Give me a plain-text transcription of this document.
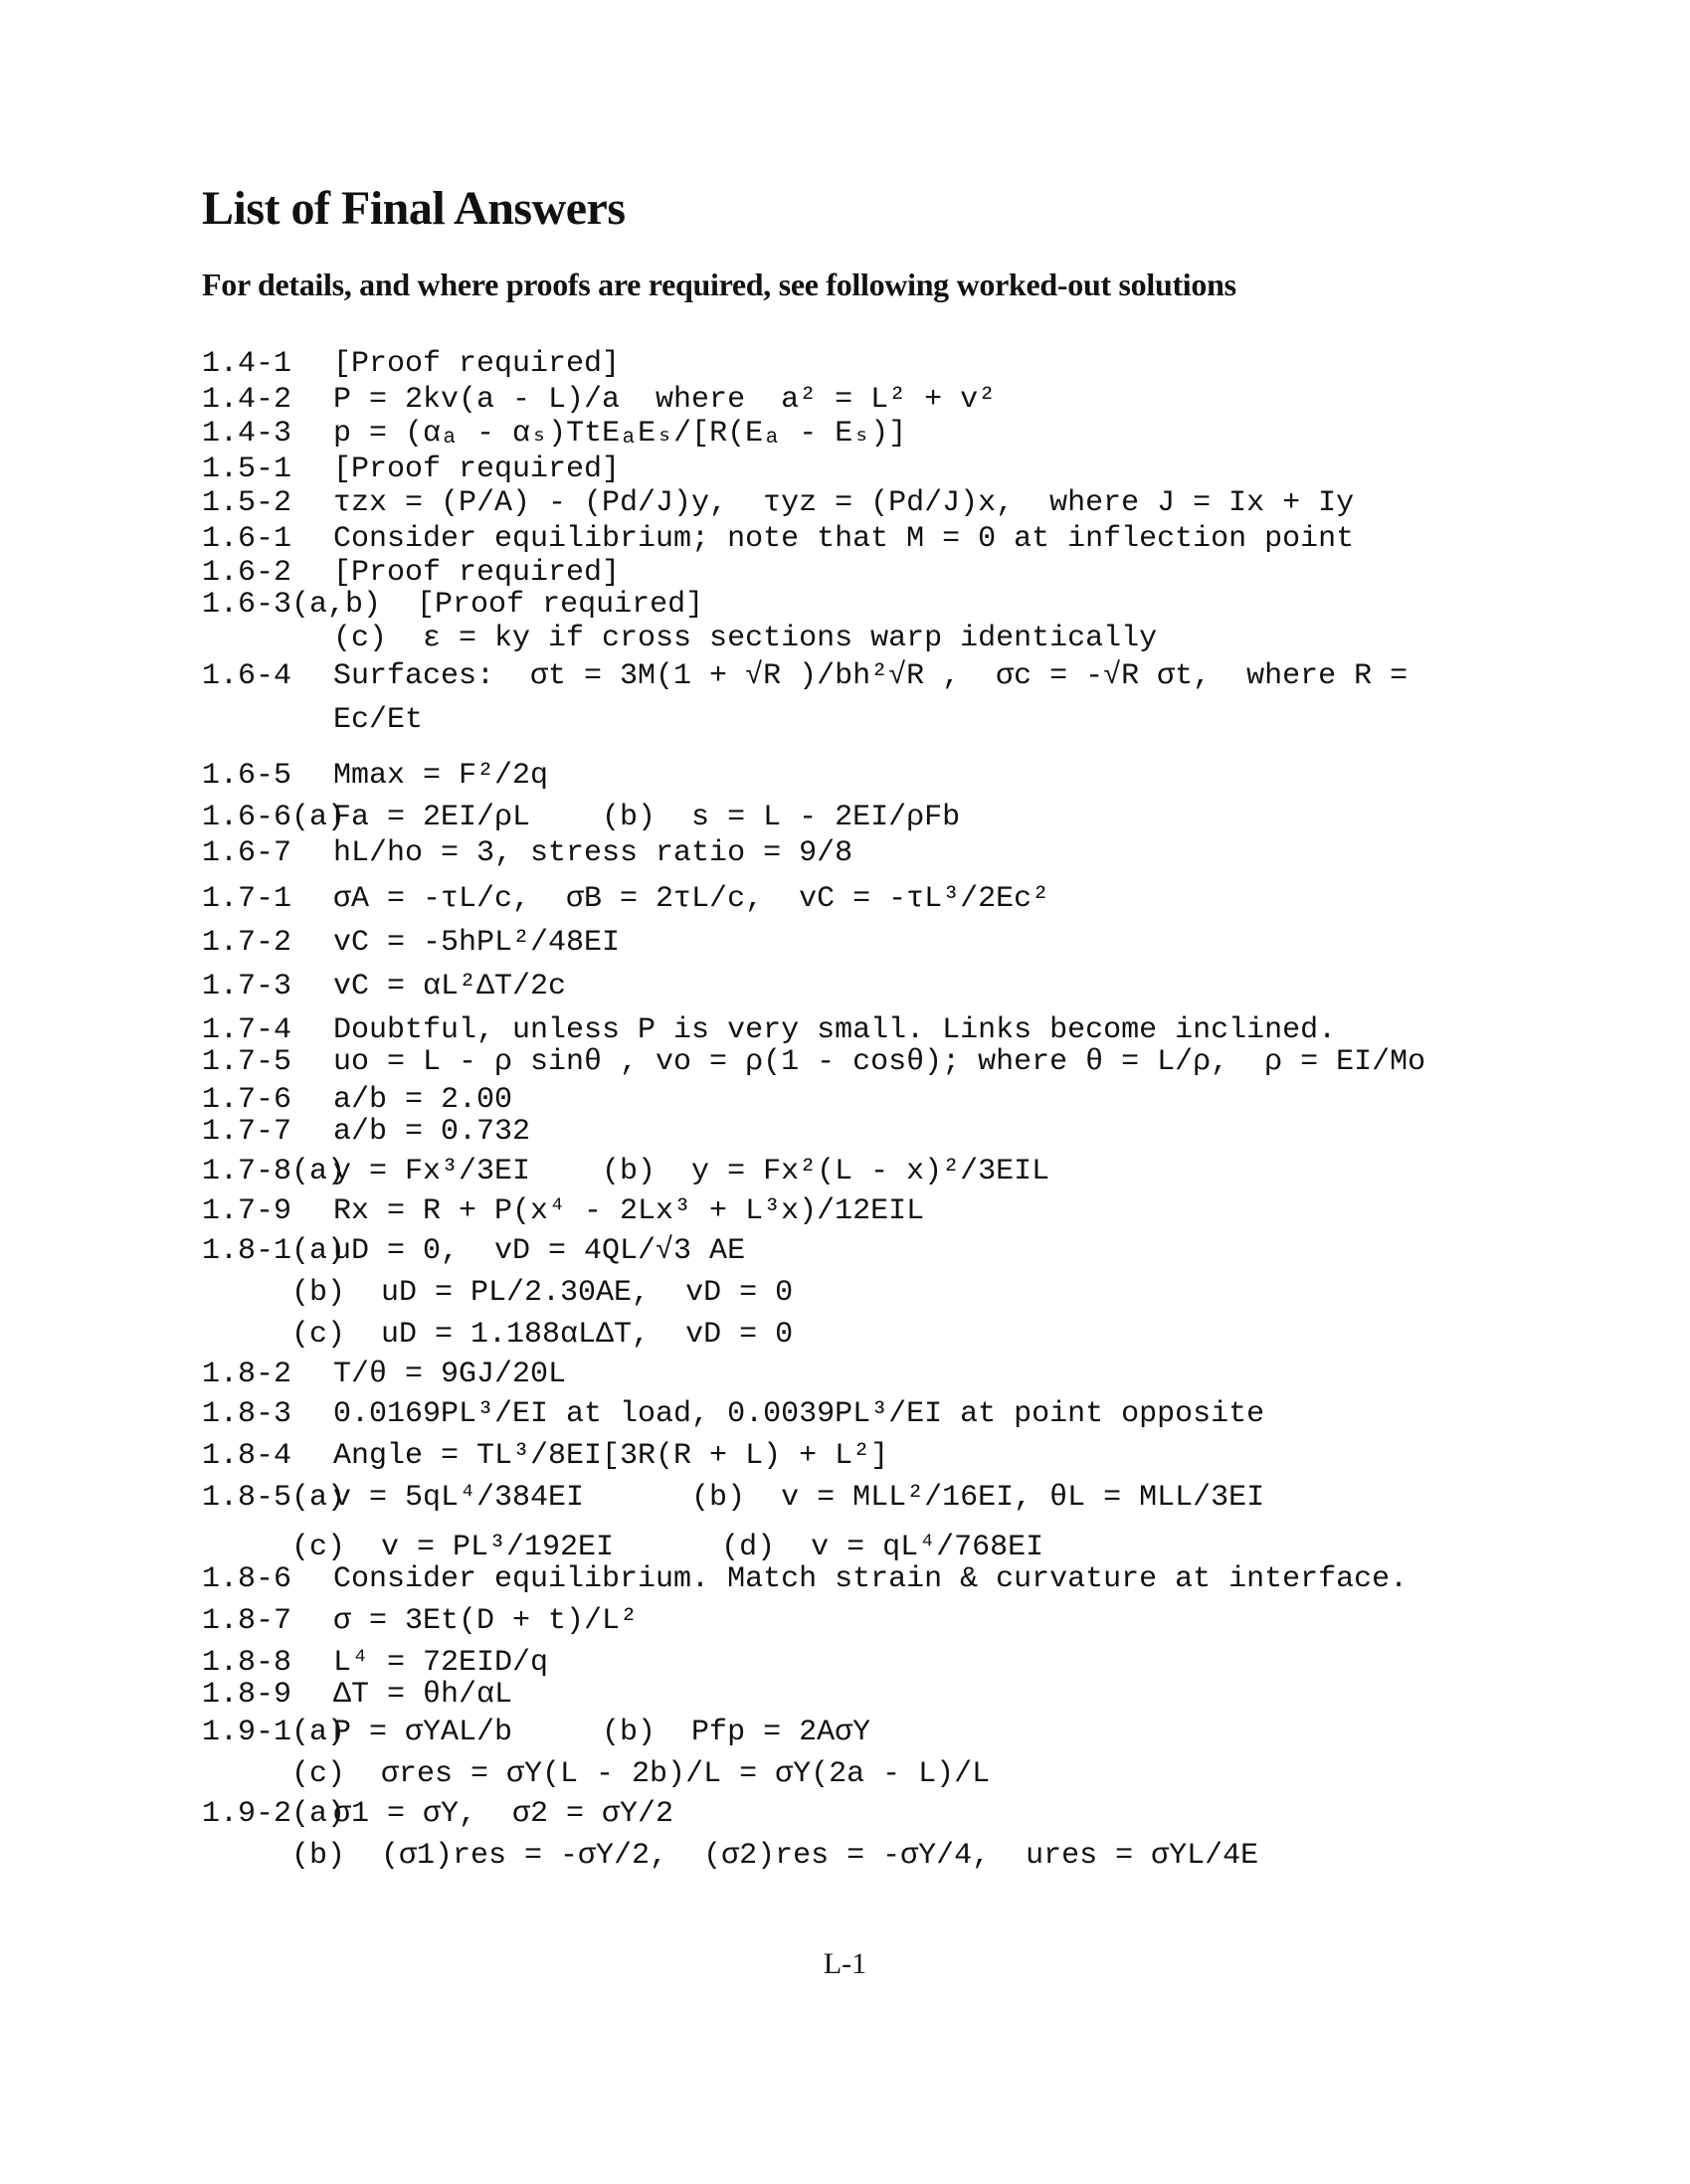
List of Final Answers
For details, and where proofs are required, see following worked-out solutions

1.4-1 [Proof required]

1.4-2 P = 2kv(a - L)/a  where  a² = L² + v²

1.4-3 p = (αₐ - αₛ)TtEₐEₛ/[R(Eₐ - Eₛ)]

1.5-1 [Proof required]

1.5-2 τzx = (P/A) - (Pd/J)y,  τyz = (Pd/J)x,  where J = Ix + Iy

1.6-1 Consider equilibrium; note that M = 0 at inflection point

1.6-2 [Proof required]

1.6-3(a,b) [Proof required]

(c)  ε = ky if cross sections warp identically

1.6-4 Surfaces:  σt = 3M(1 + √R )/bh²√R ,  σc = -√R σt,  where R =

Ec/Et

1.6-5 Mmax = F²/2q

1.6-6(a)Fa = 2EI/ρL    (b)  s = L - 2EI/ρFb

1.6-7 hL/ho = 3, stress ratio = 9/8

1.7-1 σA = -τL/c,  σB = 2τL/c,  vC = -τL³/2Ec²

1.7-2 vC = -5hPL²/48EI

1.7-3 vC = αL²ΔT/2c

1.7-4 Doubtful, unless P is very small. Links become inclined.

1.7-5 uo = L - ρ sinθ , vo = ρ(1 - cosθ); where θ = L/ρ,  ρ = EI/Mo

1.7-6 a/b = 2.00

1.7-7 a/b = 0.732

1.7-8(a)y = Fx³/3EI    (b)  y = Fx²(L - x)²/3EIL

1.7-9 Rx = R + P(x⁴ - 2Lx³ + L³x)/12EIL

1.8-1(a)uD = 0,  vD = 4QL/√3 AE

(b)  uD = PL/2.30AE,  vD = 0

(c)  uD = 1.188αLΔT,  vD = 0

1.8-2 T/θ = 9GJ/20L

1.8-3 0.0169PL³/EI at load, 0.0039PL³/EI at point opposite

1.8-4 Angle = TL³/8EI[3R(R + L) + L²]

1.8-5(a)v = 5qL⁴/384EI      (b)  v = MLL²/16EI, θL = MLL/3EI

(c)  v = PL³/192EI      (d)  v = qL⁴/768EI

1.8-6 Consider equilibrium. Match strain & curvature at interface.

1.8-7 σ = 3Et(D + t)/L²

1.8-8 L⁴ = 72EID/q

1.8-9 ΔT = θh/αL

1.9-1(a)P = σYAL/b     (b)  Pfp = 2AσY

(c)  σres = σY(L - 2b)/L = σY(2a - L)/L

1.9-2(a)σ1 = σY,  σ2 = σY/2

(b)  (σ1)res = -σY/2,  (σ2)res = -σY/4,  ures = σYL/4E

L-1
